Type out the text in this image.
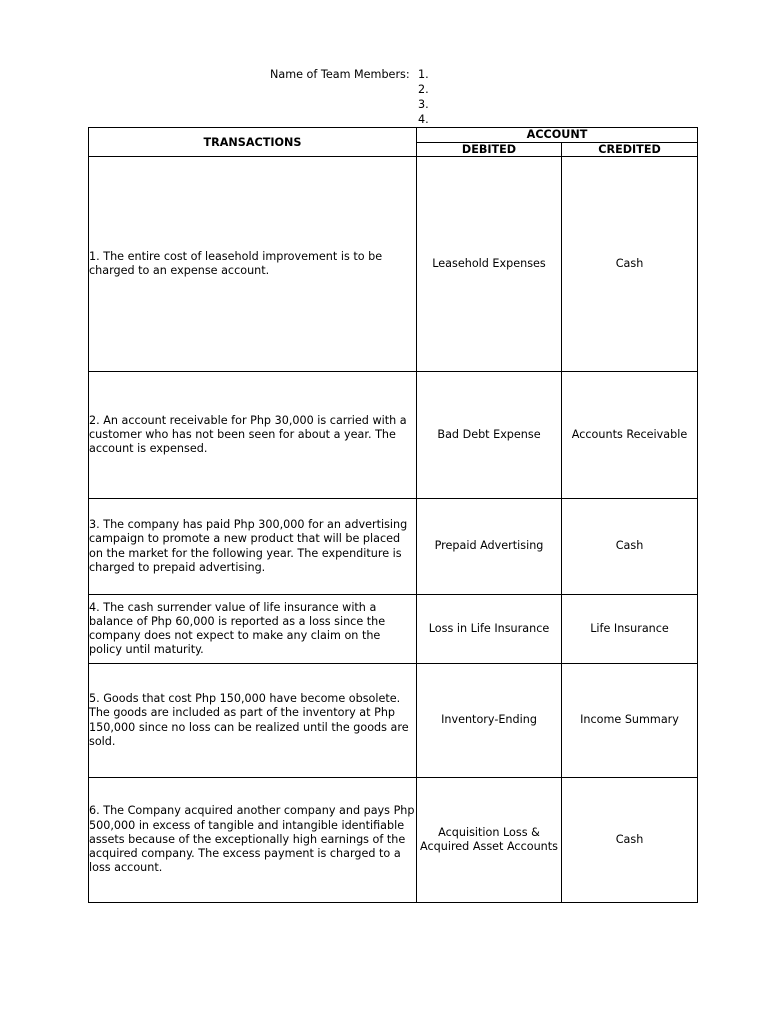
Name of Team Members: 1.
2.
3.
4.
TRANSACTIONS	ACCOUNT	
	DEBITED	CREDITED
1. The entire cost of leasehold improvement is to be charged to an expense account.	Leasehold Expenses	Cash
2. An account receivable for Php 30,000 is carried with a customer who has not been seen for about a year. The account is expensed.	Bad Debt Expense	Accounts Receivable
3. The company has paid Php 300,000 for an advertising campaign to promote a new product that will be placed on the market for the following year. The expenditure is charged to prepaid advertising.	Prepaid Advertising	Cash
4. The cash surrender value of life insurance with a balance of Php 60,000 is reported as a loss since the company does not expect to make any claim on the policy until maturity.	Loss in Life Insurance	Life Insurance
5. Goods that cost Php 150,000 have become obsolete. The goods are included as part of the inventory at Php 150,000 since no loss can be realized until the goods are sold.	Inventory-Ending	Income Summary
6. The Company acquired another company and pays Php 500,000 in excess of tangible and intangible identifiable assets because of the exceptionally high earnings of the acquired company. The excess payment is charged to a loss account.	Acquisition Loss &
Acquired Asset Accounts	Cash
